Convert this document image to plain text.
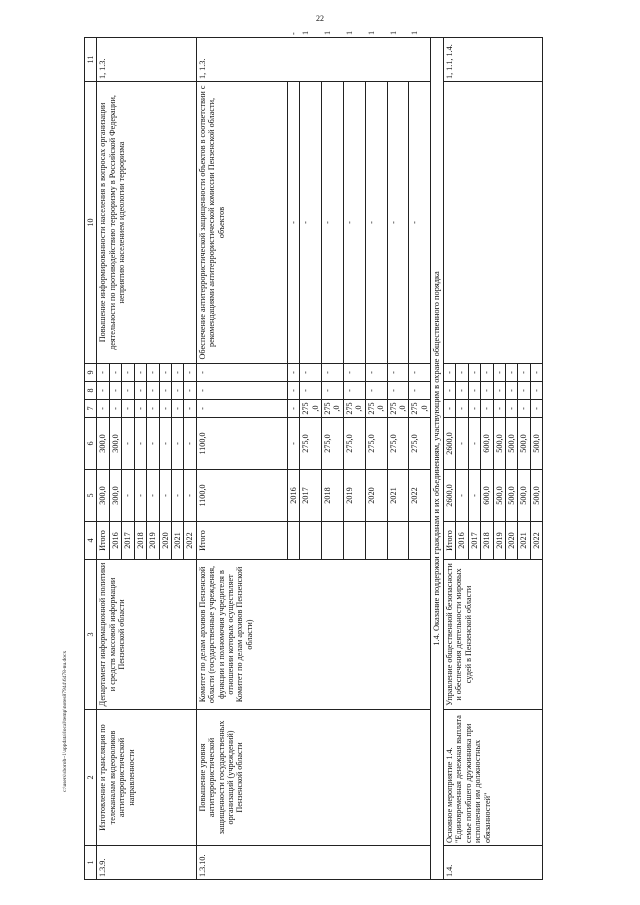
22
1	2	3	4	5	6	7	8	9	10	11	
1.3.9.	Изготовление и трансляция по телеканалам видеороликов антитеррористической направленности	Департамент информационной политики и средств массовой информации Пензенской области	Итого	300,0	300,0	-	-	-	Повышение информированности населения в вопросах организации деятельности по противодействию терроризму в Российской Федерации, неприятию населением идеологии терроризма	1, 1.3.	
			2016	300,0	300,0	-	-	-			
			2017	-	-	-	-	-			
			2018	-	-	-	-	-			
			2019	-	-	-	-	-			
			2020	-	-	-	-	-			
			2021	-	-	-	-	-			
			2022	-	-	-	-	-			
1.3.10.	Повышение уровня антитеррористической защищенности государственных организаций (учреждений) Пензенской области	Комитет по делам архивов Пензенской области (государственные учреждения, функции и полномочия учредителя в отношении которых осуществляет Комитет по делам архивов Пензенской области)	Итого	1100,0	1100,0	-	-	-	Обеспечение антитеррористической защищенности объектов в соответствии с рекомендациями антитеррористической комиссии Пензенской области, объектов	1, 1.3.	
				2016	-	-	-	-	-		-
				2017	275,0	275,0	-	-	-		1
				2018	275,0	275,0	-	-	-		1
				2019	275,0	275,0	-	-	-		1
				2020	275,0	275,0	-	-	-		1
				2021	275,0	275,0	-	-	-		1
				2022	275,0	275,0	-	-	-		1
1.4. Оказание поддержки гражданам и их объединениям, участвующим в охране общественного порядка											
1.4.	Основное мероприятие 1.4. "Единовременная денежная выплата семье погибшего дружинника при исполнении им должностных обязанностей"	Управление общественной безопасности и обеспечения деятельности мировых судей в Пензенской области	Итого	2600,0	2600,0	-	-	-		1, 1.1, 1.4.	
			2016	-	-	-	-	-			
			2017	-	-	-	-	-			
			2018	600,0	600,0	-	-	-			
			2019	500,0	500,0	-	-	-			
			2020	500,0	500,0	-	-	-			
			2021	500,0	500,0	-	-	-			
			2022	500,0	500,0	-	-	-			
c:\users\sboroh~1\appdata\local\temp\notes87944\6478-nu.docx
